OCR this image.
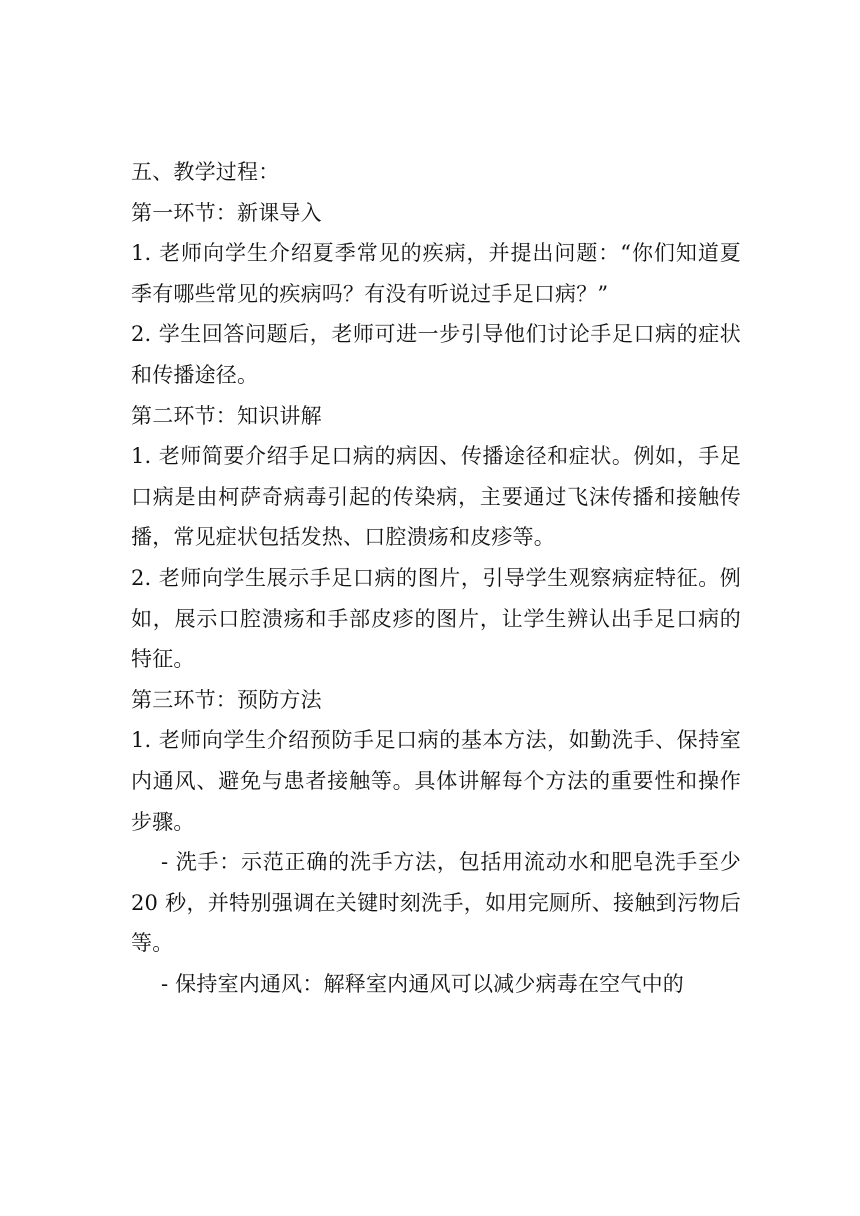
五、教学过程：

第一环节：新课导入

1. 老师向学生介绍夏季常见的疾病，并提出问题：“你们知道夏季有哪些常见的疾病吗？有没有听说过手足口病？”

2. 学生回答问题后，老师可进一步引导他们讨论手足口病的症状和传播途径。

第二环节：知识讲解

1. 老师简要介绍手足口病的病因、传播途径和症状。例如，手足口病是由柯萨奇病毒引起的传染病，主要通过飞沫传播和接触传播，常见症状包括发热、口腔溃疡和皮疹等。

2. 老师向学生展示手足口病的图片，引导学生观察病症特征。例如，展示口腔溃疡和手部皮疹的图片，让学生辨认出手足口病的特征。

第三环节：预防方法

1. 老师向学生介绍预防手足口病的基本方法，如勤洗手、保持室内通风、避免与患者接触等。具体讲解每个方法的重要性和操作步骤。

- 洗手：示范正确的洗手方法，包括用流动水和肥皂洗手至少 20 秒，并特别强调在关键时刻洗手，如用完厕所、接触到污物后等。

- 保持室内通风：解释室内通风可以减少病毒在空气中的
